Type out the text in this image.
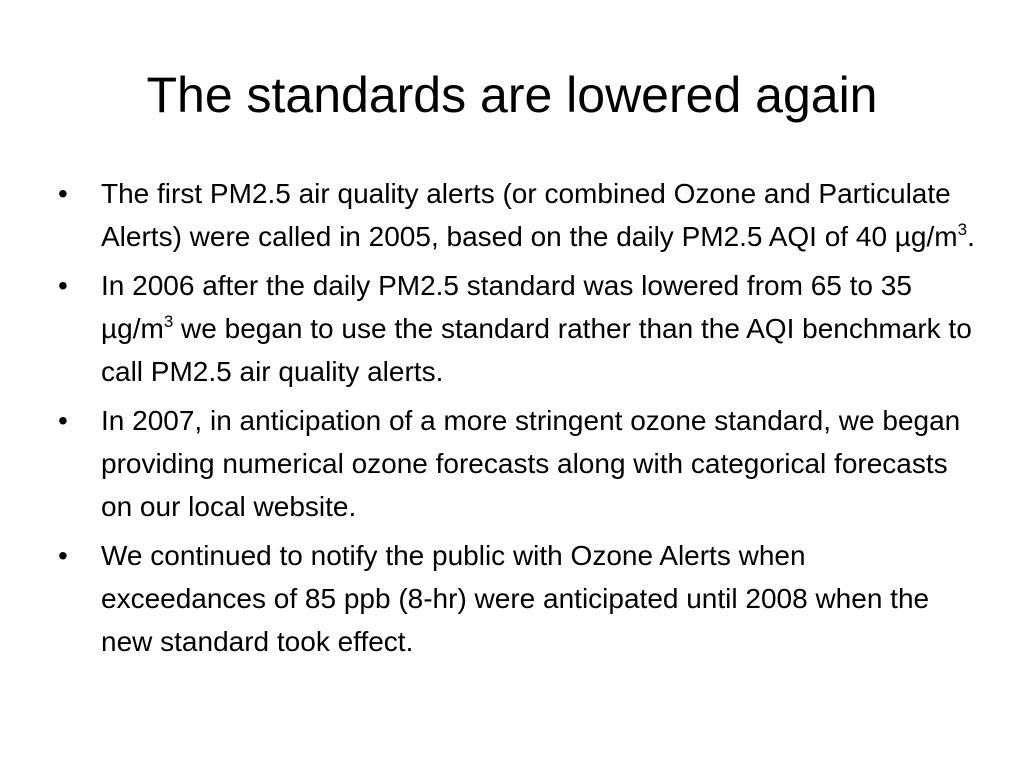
The standards are lowered again
• The first PM2.5 air quality alerts (or combined Ozone and Particulate Alerts) were called in 2005, based on the daily PM2.5 AQI of 40 $\mu g/m^3$.
• In 2006 after the daily PM2.5 standard was lowered from 65 to 35 $\mu g/m^3$ we began to use the standard rather than the AQI benchmark to call PM2.5 air quality alerts.
• In 2007, in anticipation of a more stringent ozone standard, we began providing numerical ozone forecasts along with categorical forecasts on our local website.
• We continued to notify the public with Ozone Alerts when exceedances of 85 ppb (8-hr) were anticipated until 2008 when the new standard took effect.
